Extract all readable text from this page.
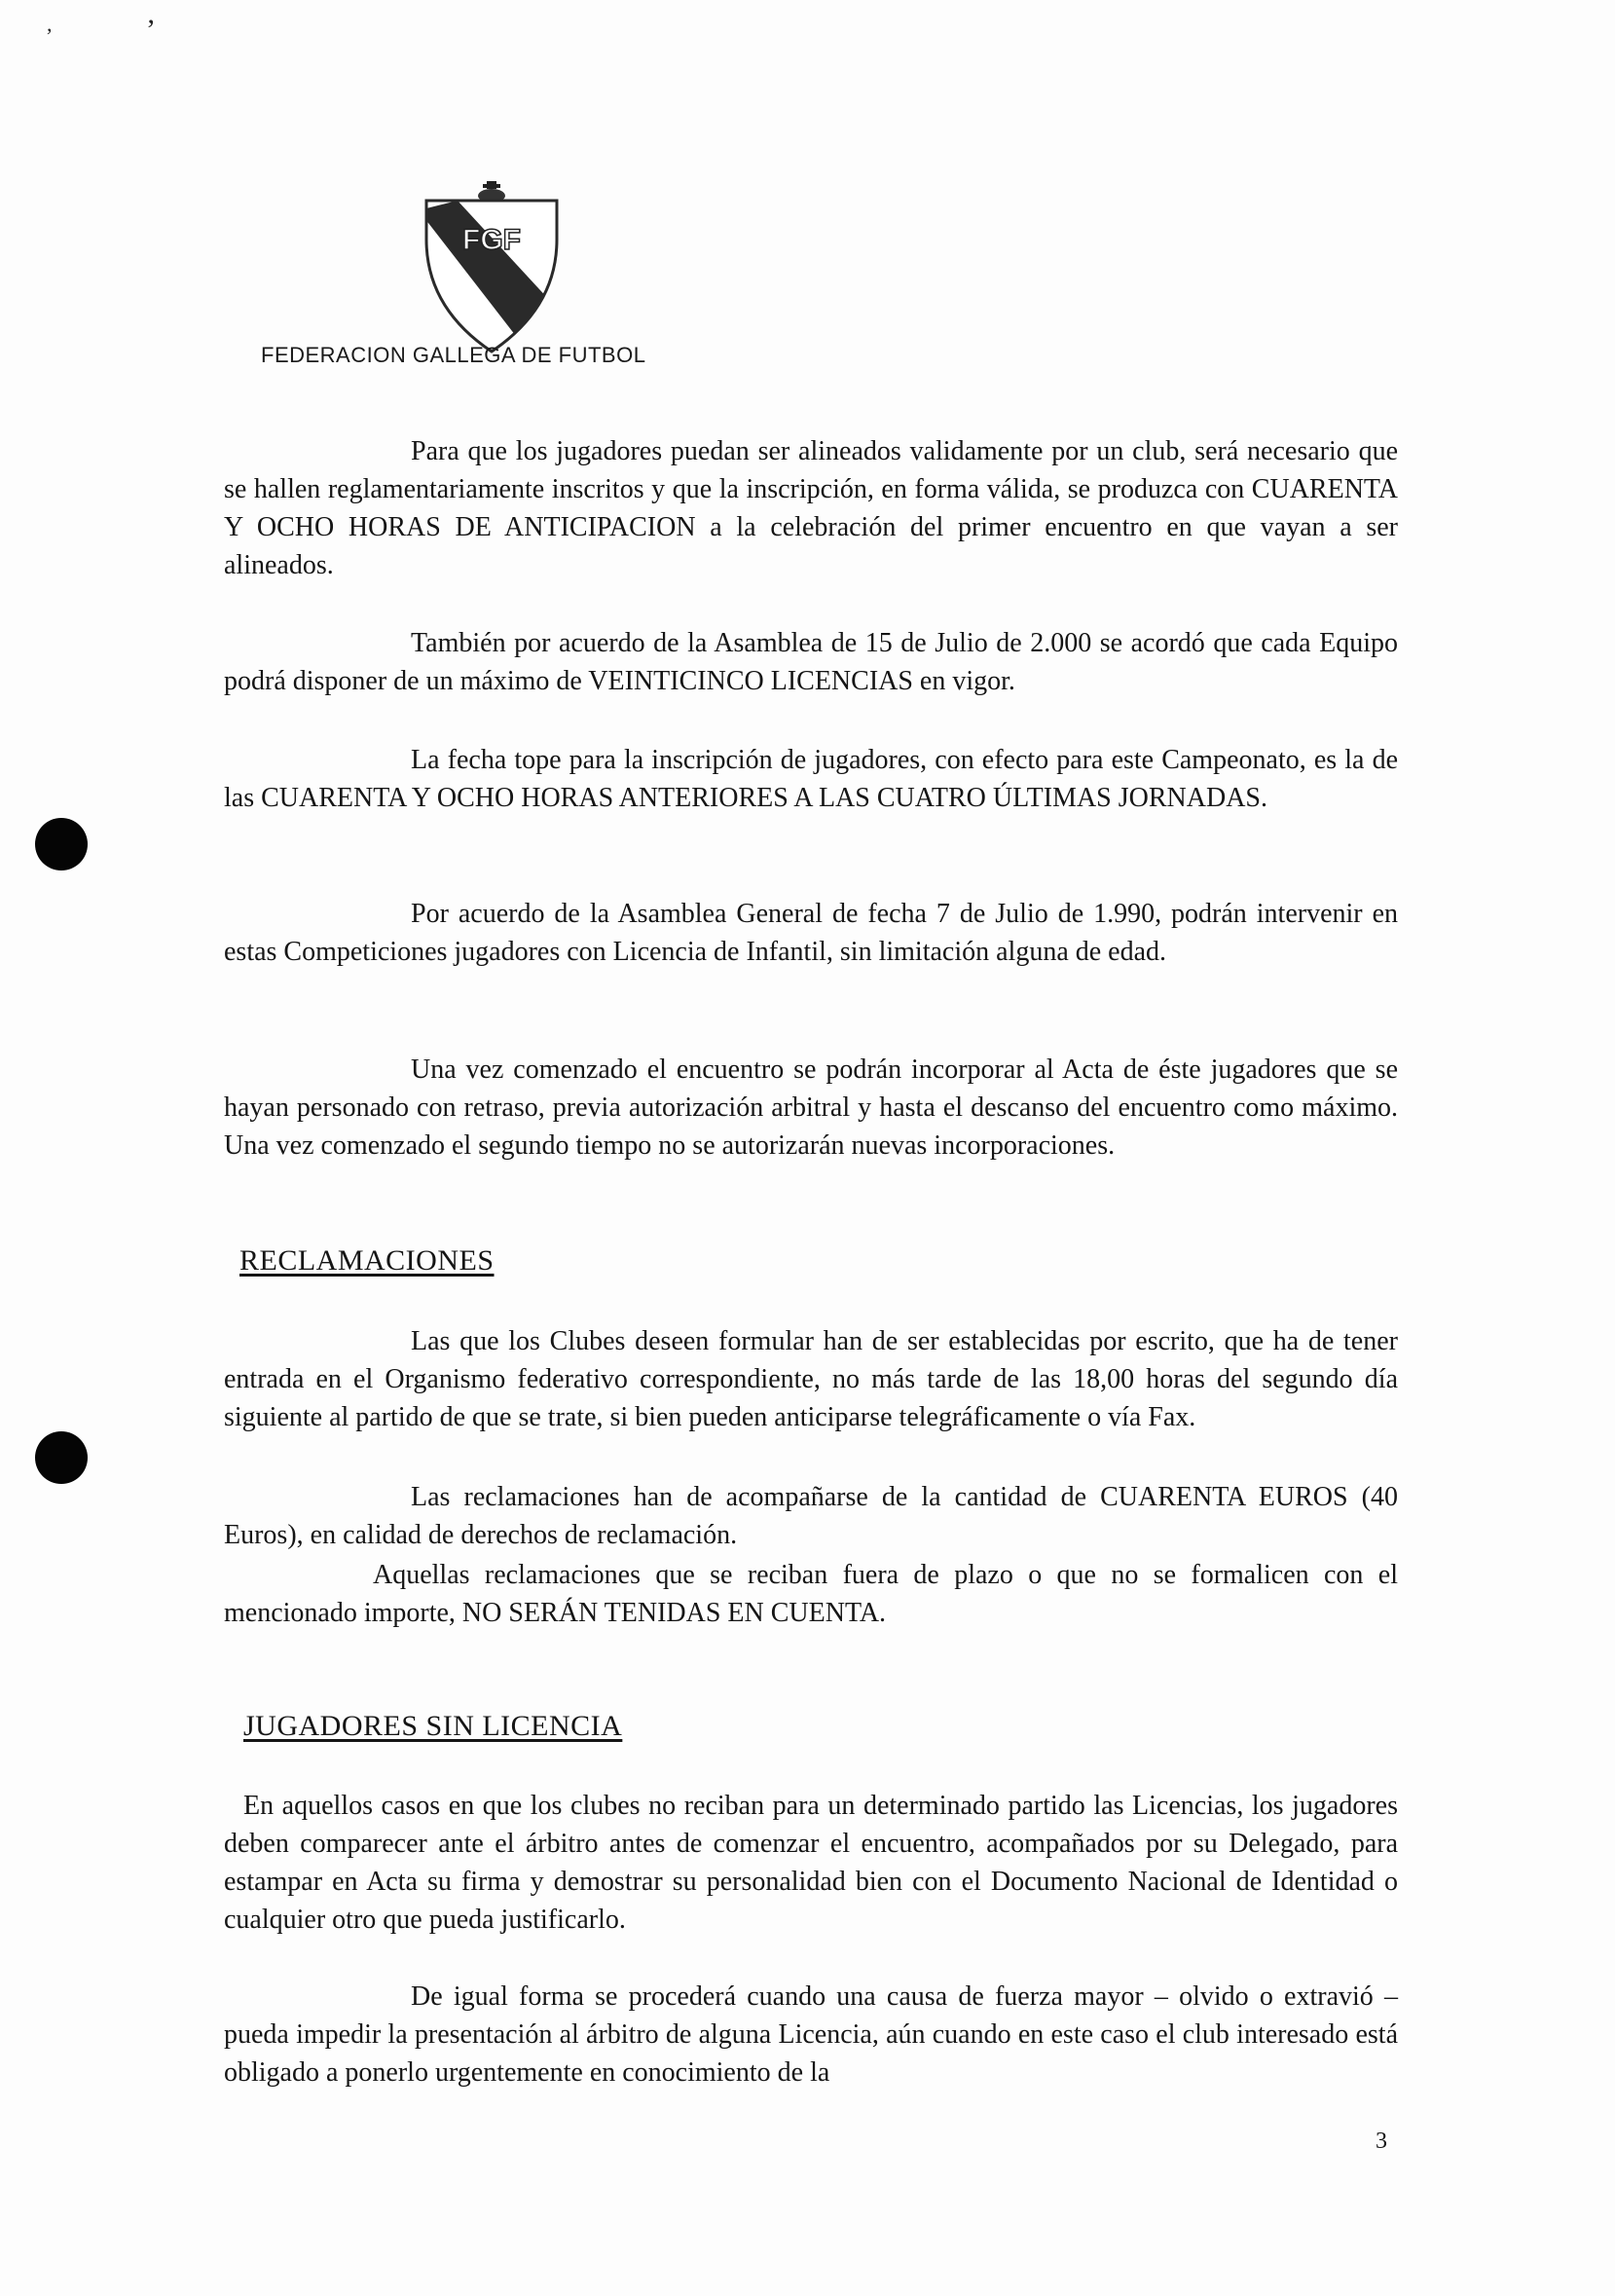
,	’
FGF
FEDERACION GALLEGA DE FUTBOL

Para que los jugadores puedan ser alineados validamente por un club, será necesario que se hallen reglamentariamente inscritos y que la inscripción, en forma válida, se produzca con CUARENTA Y OCHO HORAS DE ANTICIPACION a la celebración del primer encuentro en que vayan a ser alineados.

También por acuerdo de la Asamblea de 15 de Julio de 2.000 se acordó que cada Equipo podrá disponer de un máximo de VEINTICINCO LICENCIAS en vigor.

La fecha tope para la inscripción de jugadores, con efecto para este Campeonato, es la de las CUARENTA Y OCHO HORAS ANTERIORES A LAS CUATRO ÚLTIMAS JORNADAS.

Por acuerdo de la Asamblea General de fecha 7 de Julio de 1.990, podrán intervenir en estas Competiciones jugadores con Licencia de Infantil, sin limitación alguna de edad.

Una vez comenzado el encuentro se podrán incorporar al Acta de éste jugadores que se hayan personado con retraso, previa autorización arbitral y hasta el descanso del encuentro como máximo. Una vez comenzado el segundo tiempo no se autorizarán nuevas incorporaciones.

RECLAMACIONES

Las que los Clubes deseen formular han de ser establecidas por escrito, que ha de tener entrada en el Organismo federativo correspondiente, no más tarde de las 18,00 horas del segundo día siguiente al partido de que se trate, si bien pueden anticiparse telegráficamente o vía Fax.

Las reclamaciones han de acompañarse de la cantidad de CUARENTA EUROS (40 Euros), en calidad de derechos de reclamación.

Aquellas reclamaciones que se reciban fuera de plazo o que no se formalicen con el mencionado importe, NO SERÁN TENIDAS EN CUENTA.

JUGADORES SIN LICENCIA

En aquellos casos en que los clubes no reciban para un determinado partido las Licencias, los jugadores deben comparecer ante el árbitro antes de comenzar el encuentro, acompañados por su Delegado, para estampar en Acta su firma y demostrar su personalidad bien con el Documento Nacional de Identidad o cualquier otro que pueda justificarlo.

De igual forma se procederá cuando una causa de fuerza mayor – olvido o extravió – pueda impedir la presentación al árbitro de alguna Licencia, aún cuando en este caso el club interesado está obligado a ponerlo urgentemente en conocimiento de la

3
